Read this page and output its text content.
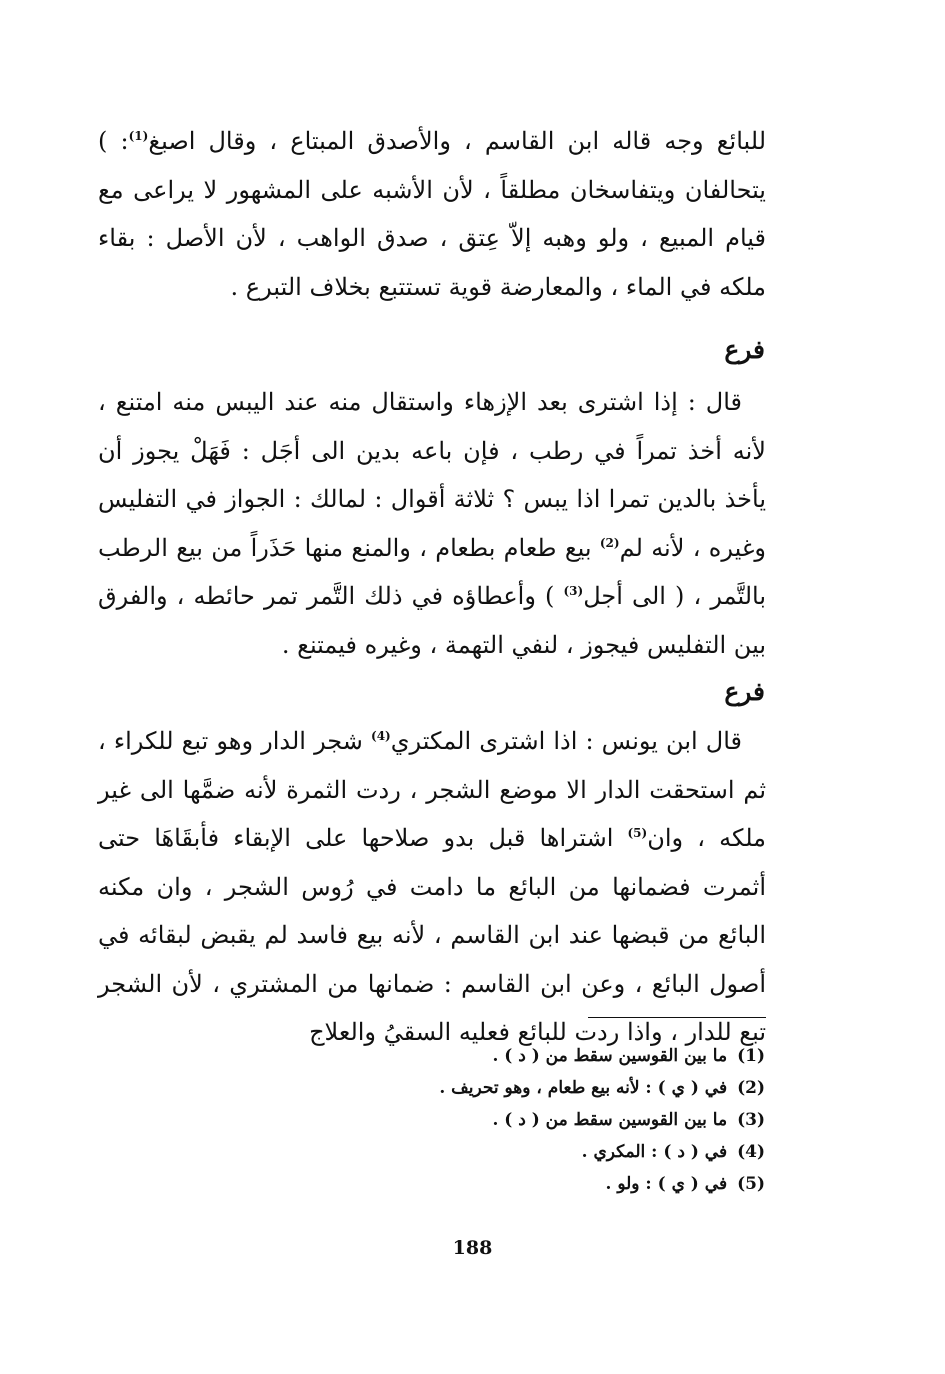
للبائع وجه قاله ابن القاسم ، والأصدق المبتاع ، وقال اصبغ$^{(1)}$: ) يتحالفان ويتفاسخان مطلقاً ، لأن الأشبه على المشهور لا يراعى مع قيام المبيع ، ولو وهبه إلاّ عِتق ، صدق الواهب ، لأن الأصل : بقاء ملكه في الماء ، والمعارضة قوية تستتبع بخلاف التبرع .

فرع

قال : إذا اشترى بعد الإزهاء واستقال منه عند اليبس منه امتنع ، لأنه أخذ تمراً في رطب ، فإن باعه بدين الى أجَل : فَهَلْ يجوز أن يأخذ بالدين تمرا اذا يبس ؟ ثلاثة أقوال : لمالك : الجواز في التفليس وغيره ، لأنه لم$^{(2)}$ بيع طعام بطعام ، والمنع منها حَذَراً من بيع الرطب بالتَّمر ، ( الى أجل$^{(3)}$ ) وأعطاؤه في ذلك التَّمر تمر حائطه ، والفرق بين التفليس فيجوز ، لنفي التهمة ، وغيره فيمتنع .

فرع

قال ابن يونس : اذا اشترى المكتري$^{(4)}$ شجر الدار وهو تبع للكراء ، ثم استحقت الدار الا موضع الشجر ، ردت الثمرة لأنه ضمَّها الى غير ملكه ، وان$^{(5)}$ اشتراها قبل بدو صلاحها على الإبقاء فأبقَاهَا حتى أثمرت فضمانها من البائع ما دامت في رُوس الشجر ، وان مكنه البائع من قبضها عند ابن القاسم ، لأنه بيع فاسد لم يقبض لبقائه في أصول البائع ، وعن ابن القاسم : ضمانها من المشتري ، لأن الشجر تبع للدار ، واذا ردت للبائع فعليه السقيُ والعلاج

(1) ما بين القوسين سقط من ( د ) .
(2) في ( ي ) : لأنه بيع طعام ، وهو تحريف .
(3) ما بين القوسين سقط من ( د ) .
(4) في ( د ) : المكري .
(5) في ( ي ) : ولو .
188
